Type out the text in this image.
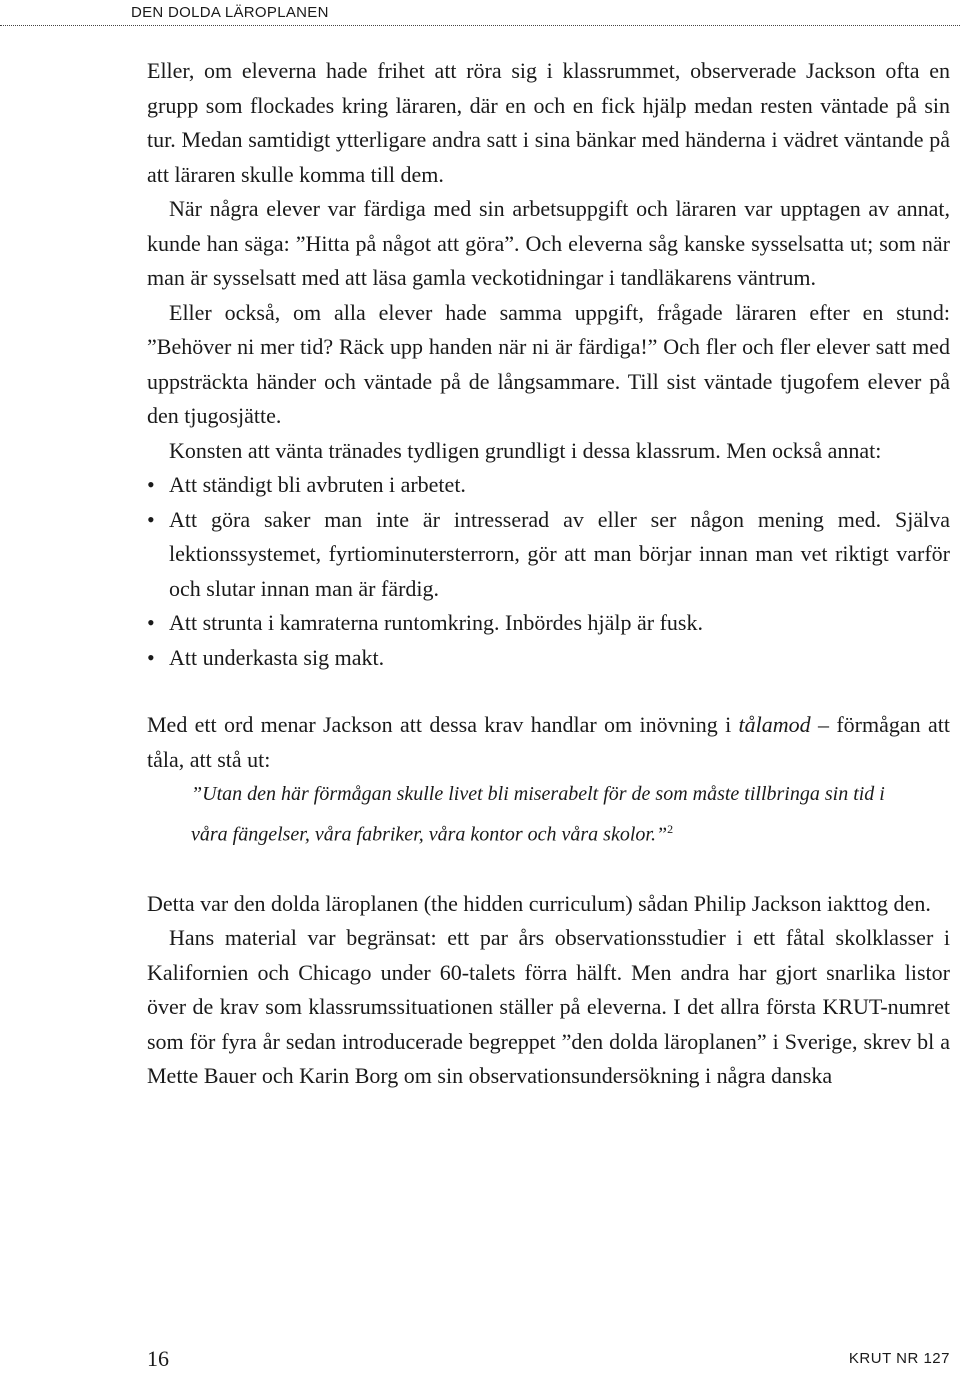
DEN DOLDA LÄROPLANEN

Eller, om eleverna hade frihet att röra sig i klassrummet, observerade Jackson ofta en grupp som flockades kring läraren, där en och en fick hjälp medan resten väntade på sin tur. Medan samtidigt ytterligare andra satt i sina bänkar med händerna i vädret väntande på att läraren skulle komma till dem.

När några elever var färdiga med sin arbetsuppgift och läraren var upptagen av annat, kunde han säga: ”Hitta på något att göra”. Och eleverna såg kanske sysselsatta ut; som när man är sysselsatt med att läsa gamla veckotidningar i tandläkarens väntrum.

Eller också, om alla elever hade samma uppgift, frågade läraren efter en stund: ”Behöver ni mer tid? Räck upp handen när ni är färdiga!” Och fler och fler elever satt med uppsträckta händer och väntade på de långsammare. Till sist väntade tjugofem elever på den tjugosjätte.

Konsten att vänta tränades tydligen grundligt i dessa klassrum. Men också annat:

• Att ständigt bli avbruten i arbetet.
• Att göra saker man inte är intresserad av eller ser någon mening med. Själva lektionssystemet, fyrtiominutersterrorn, gör att man börjar innan man vet riktigt varför och slutar innan man är färdig.
• Att strunta i kamraterna runtomkring. Inbördes hjälp är fusk.
• Att underkasta sig makt.

Med ett ord menar Jackson att dessa krav handlar om inövning i tålamod – förmågan att tåla, att stå ut:

”Utan den här förmågan skulle livet bli miserabelt för de som måste tillbringa sin tid i våra fängelser, våra fabriker, våra kontor och våra skolor.”$^2$

Detta var den dolda läroplanen (the hidden curriculum) sådan Philip Jackson iakttog den.

Hans material var begränsat: ett par års observationsstudier i ett fåtal skolklasser i Kalifornien och Chicago under 60-talets förra hälft. Men andra har gjort snarlika listor över de krav som klassrumssituationen ställer på eleverna. I det allra första KRUT-numret som för fyra år sedan introducerade begreppet ”den dolda läroplanen” i Sverige, skrev bl a Mette Bauer och Karin Borg om sin observationsundersökning i några danska

16	KRUT NR 127
